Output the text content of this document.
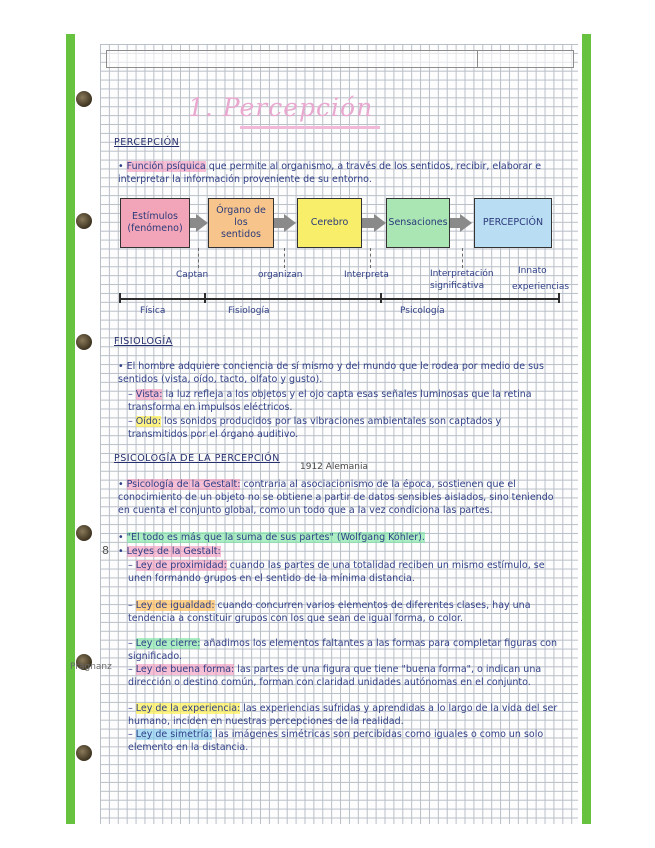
1. Percepción
PERCEPCIÓN
• Función psíquica que permite al organismo, a través de los sentidos, recibir, elaborar e interpretar la información proveniente de su entorno.
Estímulos (fenómeno)
Órgano de los sentidos
Cerebro	Sensaciones	PERCEPCIÓN
Captan	organizan	Interpreta	Interpretación significativa
Innato
experiencias
Física	Fisiología	Psicología
FISIOLOGÍA
• El hombre adquiere conciencia de sí mismo y del mundo que le rodea por medio de sus sentidos (vista, oído, tacto, olfato y gusto).
– Vista: la luz refleja a los objetos y el ojo capta esas señales luminosas que la retina transforma en impulsos eléctricos.
– Oído: los sonidos producidos por las vibraciones ambientales son captados y transmitidos por el órgano auditivo.
PSICOLOGÍA DE LA PERCEPCIÓN
1912 Alemania
• Psicología de la Gestalt: contraria al asociacionismo de la época, sostienen que el conocimiento de un objeto no se obtiene a partir de datos sensibles aislados, sino teniendo en cuenta el conjunto global, como un todo que a la vez condiciona las partes.
• "El todo es más que la suma de sus partes" (Wolfgang Köhler).
8 • Leyes de la Gestalt:
Prägnanz
– Ley de proximidad: cuando las partes de una totalidad reciben un mismo estímulo, se unen formando grupos en el sentido de la mínima distancia.
– Ley de igualdad: cuando concurren varios elementos de diferentes clases, hay una tendencia a constituir grupos con los que sean de igual forma, o color.
– Ley de cierre: añadimos los elementos faltantes a las formas para completar figuras con significado.
– Ley de buena forma: las partes de una figura que tiene "buena forma", o indican una dirección o destino común, forman con claridad unidades autónomas en el conjunto.
– Ley de la experiencia: las experiencias sufridas y aprendidas a lo largo de la vida del ser humano, inciden en nuestras percepciones de la realidad.
– Ley de simetría: las imágenes simétricas son percibidas como iguales o como un solo elemento en la distancia.
